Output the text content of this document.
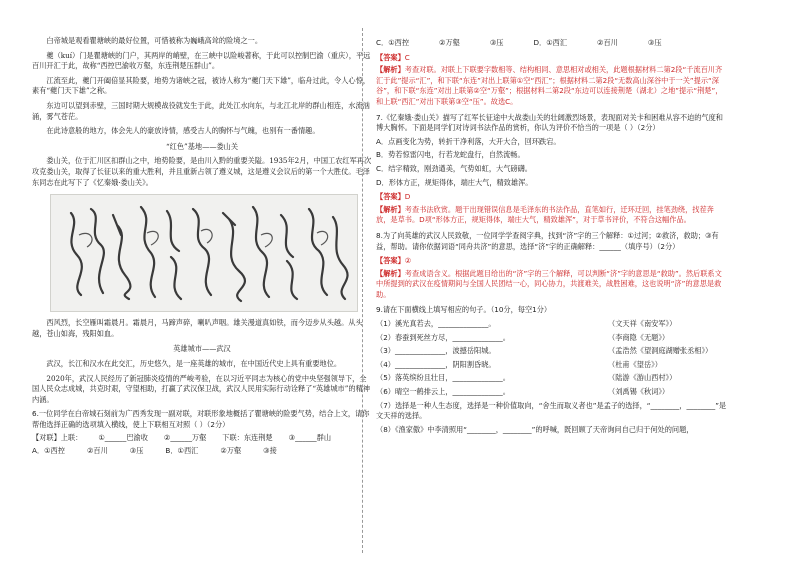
白帝城是观看瞿塘峡的最好位置，可惜被称为巍峨高耸的险境之一。

夔（kuí）门是瞿塘峡的门户，其两岸的峭壁，在三峡中以险峻著称，于此可以控制巴渝（重庆），平远百川开汇于此，故称“西控巴渝收万壑，东连荆楚压群山”。

江流至此，夔门开阖倍显其险要，地势为诸峡之冠，被诗人称为“夔门天下雄”，临舟过此，令人心惊，素有“夔门天下雄”之称。

东边可以望到赤壁，三国时期大规模战役就发生于此，此处江水向东，与北江北岸的群山相连，水流汹涌，雾气苍茫。

在此诗意般的地方，体会先人的豪放诗情，感受古人的胸怀与气魄，也别有一番情趣。

“红色”基地——娄山关

娄山关，位于汇川区扣群山之中，地势险要，是由川入黔的重要关隘。1935年2月，中国工农红军再次攻克娄山关，取得了长征以来的重大胜利，并且重新占领了遵义城，这是遵义会议后的第一个大胜仗。毛泽东同志在此写下了《忆秦娥·娄山关》。

西风烈，长空雁叫霜晨月。霜晨月，马蹄声碎，喇叭声咽。雄关漫道真如铁，而今迈步从头越。从头越，苍山如海，残阳如血。

英雄城市——武汉

武汉，长江和汉水在此交汇，历史悠久，是一座英雄的城市，在中国近代史上具有重要地位。

2020年，武汉人民经历了新冠肺炎疫情的严峻考验，在以习近平同志为核心的党中央坚强领导下，全国人民众志成城，共克时艰，守望相助，打赢了武汉保卫战，武汉人民用实际行动诠释了“英雄城市”的精神内涵。

6.一位同学在白帝城石刻前为广西秀发现一副对联，对联形象地概括了瞿塘峡的险要气势，结合上文，请你帮他选择正确的选项填入横线，使上下联相互对照（ ）（2分）

【对联】上联： ①______巴渝收 ②______万壑 下联：东连荆楚 ③______群山
A．①西控	②百川	③压	B．①西汇	②万壑	③接
C．①西控	②万壑	③压	D．①西汇	②百川	③压

【答案】C

【解析】考查对联。对联上下联要字数相等、结构相同、意思相对或相关，此题根据材料二第2段“千流百川齐汇于此”提示“汇”，和下联“东连”对出上联第①空“西汇”；根据材料二第2段“无数高山深谷中于一关”提示“深谷”，和下联“东连”对出上联第②空“万壑”；根据材料二第2段“东边可以连接荆楚（湖北）之地”提示“荆楚”，和上联“西汇”对出下联第③空“压”。故选C。

7.《忆秦娥·娄山关》描写了红军长征途中大战娄山关的壮阔激烈场景，表现面对关卡和困难从容不迫的气度和博大胸怀。下面是同学们对诗词书法作品的赏析，你认为评价不恰当的一项是（ ）（2分）

A．点画变化为势，转折干净利落，大开大合，回环跌宕。

B．势若惊雷闪电，行若龙蛇盘行，自然流畅。

C．结字精致，刚劲遒美，气势如虹，大气磅礴。

D．形体方正，规矩得体，端庄大气，精致雄浑。

【答案】D

【解析】考查书法欣赏。题干出现错误信息是毛泽东的书法作品，直笔如行，迁环迂回，挂笔劲绕，找茬奔放，是草书。D项“形体方正，规矩得体，端庄大气，精致雄浑”，对于草书评价，不符合这幅作品。

8.为了向英雄的武汉人民致敬，一位同学学查阅字典，找到“济”字的三个解释：①过河；②救济，救助；③有益，帮助。请你依据词语“同舟共济”的意思，选择“济”字的正确解释：______（填序号）（2分）

【答案】②

【解析】考查成语含义。根据此题目给出的“济”字的三个解释，可以判断“济”字的意思是“救助”。然后联系文中所提到的武汉在疫情期间与全国人民团结一心，同心协力，共渡难关，战胜困难，这也说明“济”的意思是救助。

9.请在下面横线上填写相应的句子。（10分，每空1分）

（1）溪光真若去，______________。	（文天祥《南安军》）
（2）春蚕到死丝方尽，______________。	（李商隐《无题》）
（3）______________，波撼岳阳城。	（孟浩然《望洞庭湖赠张丞相》）
（4）______________，阴阳割昏晓。	（杜甫《望岳》）
（5）落英缤纷且壮目，______________。	（陆游《游山西村》）
（6）晴空一鹤排云上，______________。	（刘禹锡《秋词》）

（7）选择是一种人生态度，选择是一种价值取向，“舍生而取义者也”是孟子的选择，“________，________”是文天祥的选择。

（8）《渔家傲》中李清照用“________，________”的呼喊，既回顾了天帝询问自己归于何处的问题，
